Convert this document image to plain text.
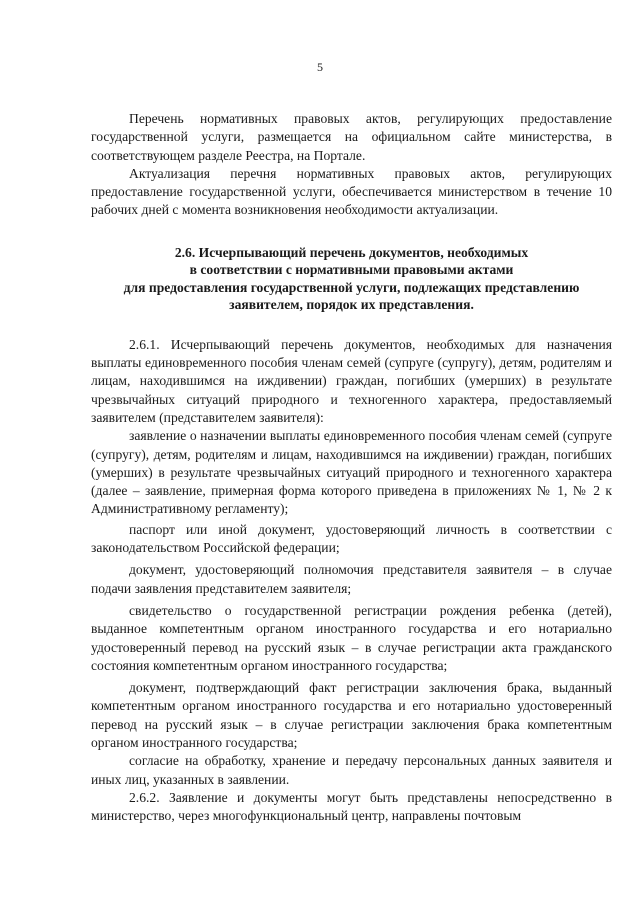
5

Перечень нормативных правовых актов, регулирующих предоставление государственной услуги, размещается на официальном сайте министерства, в соответствующем разделе Реестра, на Портале.

Актуализация перечня нормативных правовых актов, регулирующих предоставление государственной услуги, обеспечивается министерством в течение 10 рабочих дней с момента возникновения необходимости актуализации.

2.6. Исчерпывающий перечень документов, необходимых
в соответствии с нормативными правовыми актами
для предоставления государственной услуги, подлежащих представлению
заявителем, порядок их представления.

2.6.1. Исчерпывающий перечень документов, необходимых для назначения выплаты единовременного пособия членам семей (супруге (супругу), детям, родителям и лицам, находившимся на иждивении) граждан, погибших (умерших) в результате чрезвычайных ситуаций природного и техногенного характера, предоставляемый заявителем (представителем заявителя):

заявление о назначении выплаты единовременного пособия членам семей (супруге (супругу), детям, родителям и лицам, находившимся на иждивении) граждан, погибших (умерших) в результате чрезвычайных ситуаций природного и техногенного характера (далее – заявление, примерная форма которого приведена в приложениях № 1, № 2 к Административному регламенту);

паспорт или иной документ, удостоверяющий личность в соответствии с законодательством Российской федерации;

документ, удостоверяющий полномочия представителя заявителя – в случае подачи заявления представителем заявителя;

свидетельство о государственной регистрации рождения ребенка (детей), выданное компетентным органом иностранного государства и его нотариально удостоверенный перевод на русский язык – в случае регистрации акта гражданского состояния компетентным органом иностранного государства;

документ, подтверждающий факт регистрации заключения брака, выданный компетентным органом иностранного государства и его нотариально удостоверенный перевод на русский язык – в случае регистрации заключения брака компетентным органом иностранного государства;

согласие на обработку, хранение и передачу персональных данных заявителя и иных лиц, указанных в заявлении.

2.6.2. Заявление и документы могут быть представлены непосредственно в министерство, через многофункциональный центр, направлены почтовым
